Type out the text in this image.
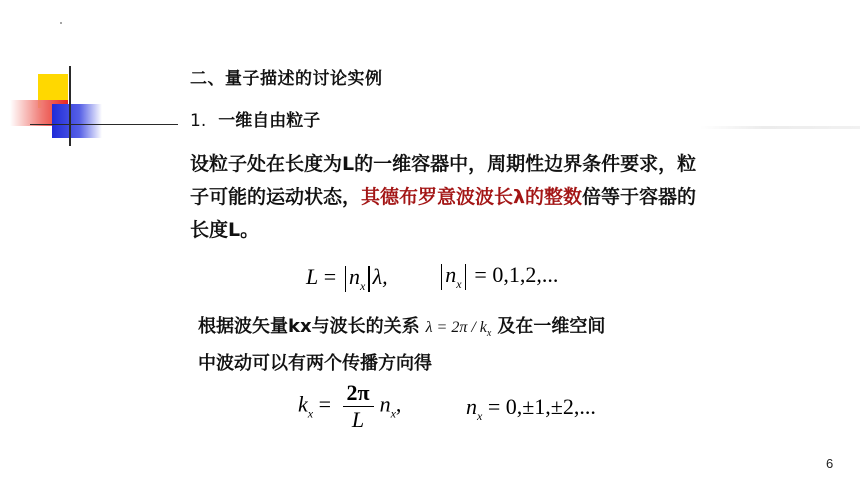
二、量子描述的讨论实例
1. 一维自由粒子
设粒子处在长度为L的一维容器中，周期性边界条件要求，粒子可能的运动状态，其德布罗意波波长λ的整数倍等于容器的长度L。
$L = n_x$ λ,	$n_x = 0,1,2$,...
根据波矢量kx与波长的关系 $\lambda = 2\pi / k_x$ 及在一维空间
中波动可以有两个传播方向得
$k_x = \frac{2\pi}{L} n_x$,	$n_x = 0,\pm 1,\pm 2$,...
6
